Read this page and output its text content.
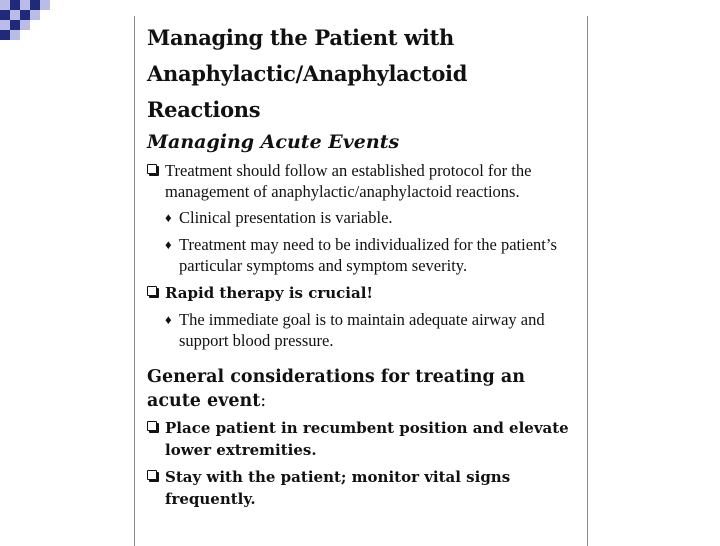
Managing the Patient with Anaphylactic/Anaphylactoid Reactions
Managing Acute Events
Treatment should follow an established protocol for the management of anaphylactic/anaphylactoid reactions.
♦ Clinical presentation is variable.
♦ Treatment may need to be individualized for the patient’s particular symptoms and symptom severity.
Rapid therapy is crucial!
♦ The immediate goal is to maintain adequate airway and support blood pressure.
General considerations for treating an acute event:
Place patient in recumbent position and elevate lower extremities.
Stay with the patient; monitor vital signs frequently.
